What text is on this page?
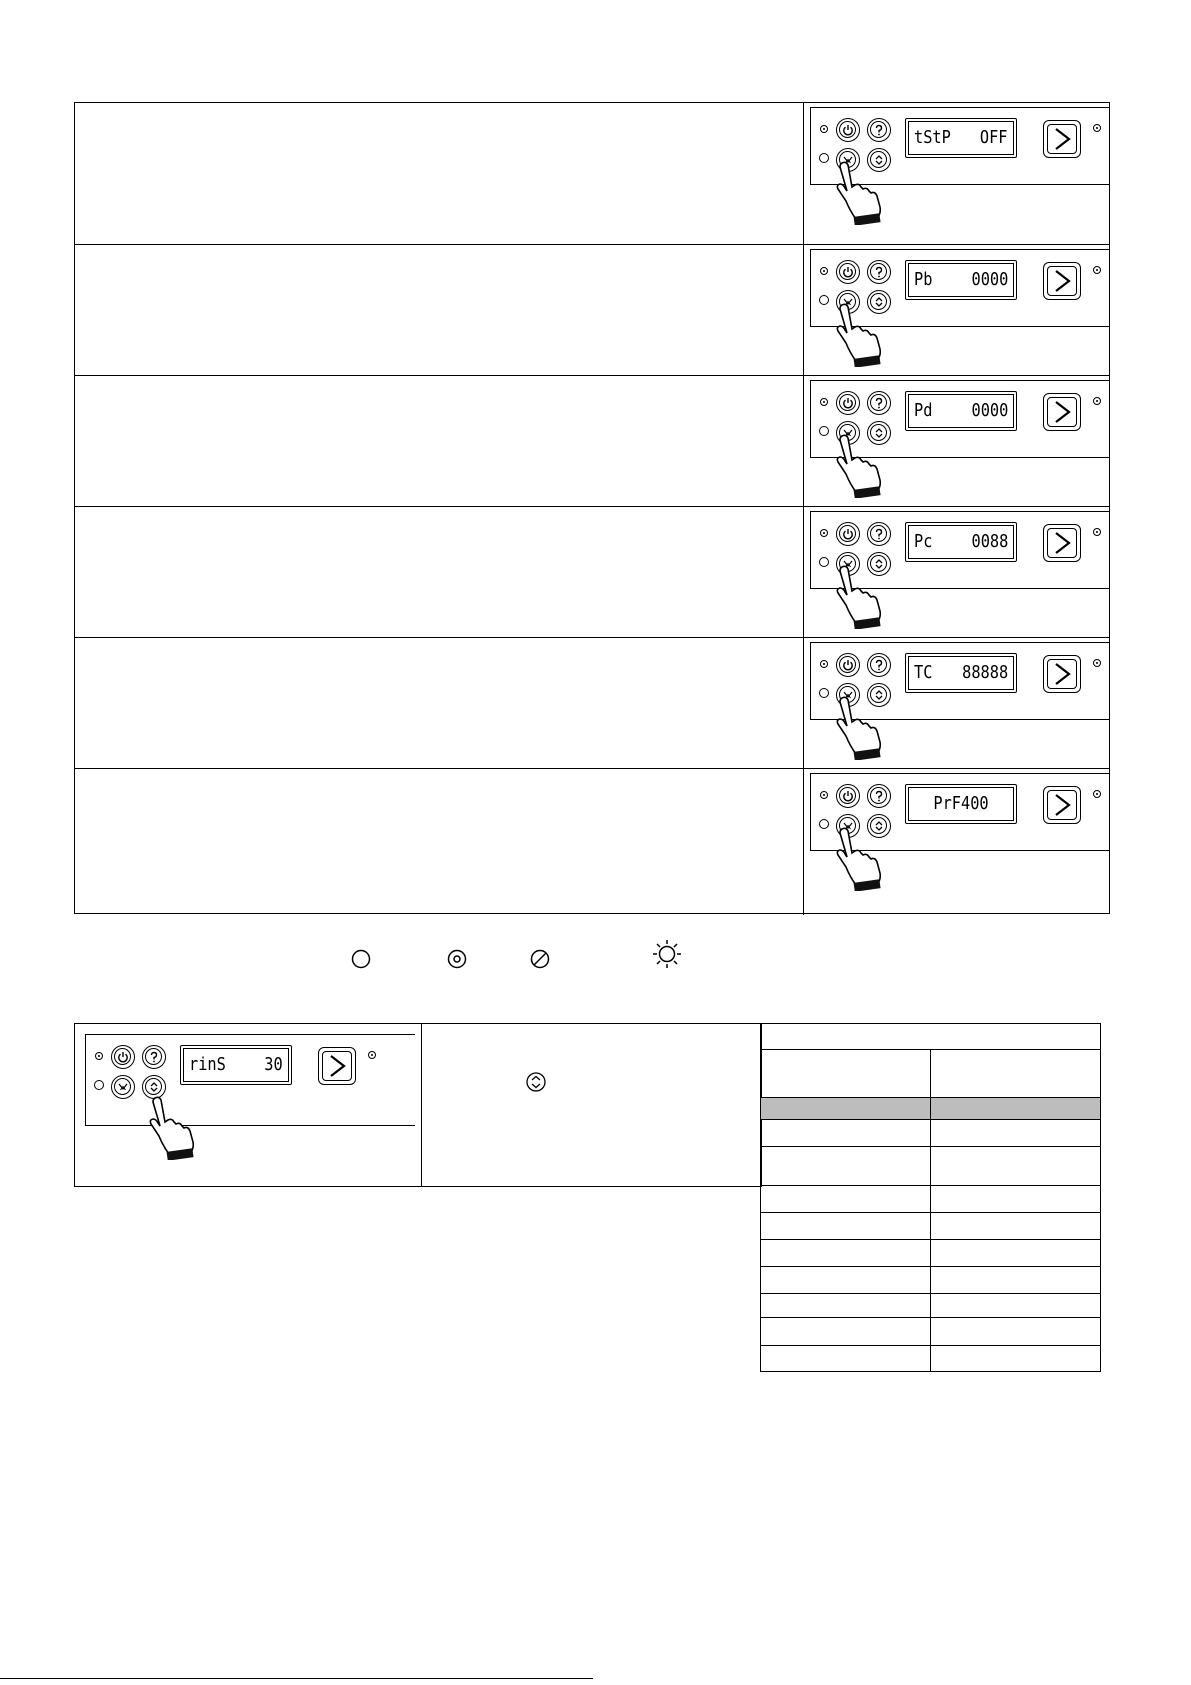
tStP OFF
Pb 0000
Pd 0000
Pc 0088
TC 88888
PrF400
rinS 30
